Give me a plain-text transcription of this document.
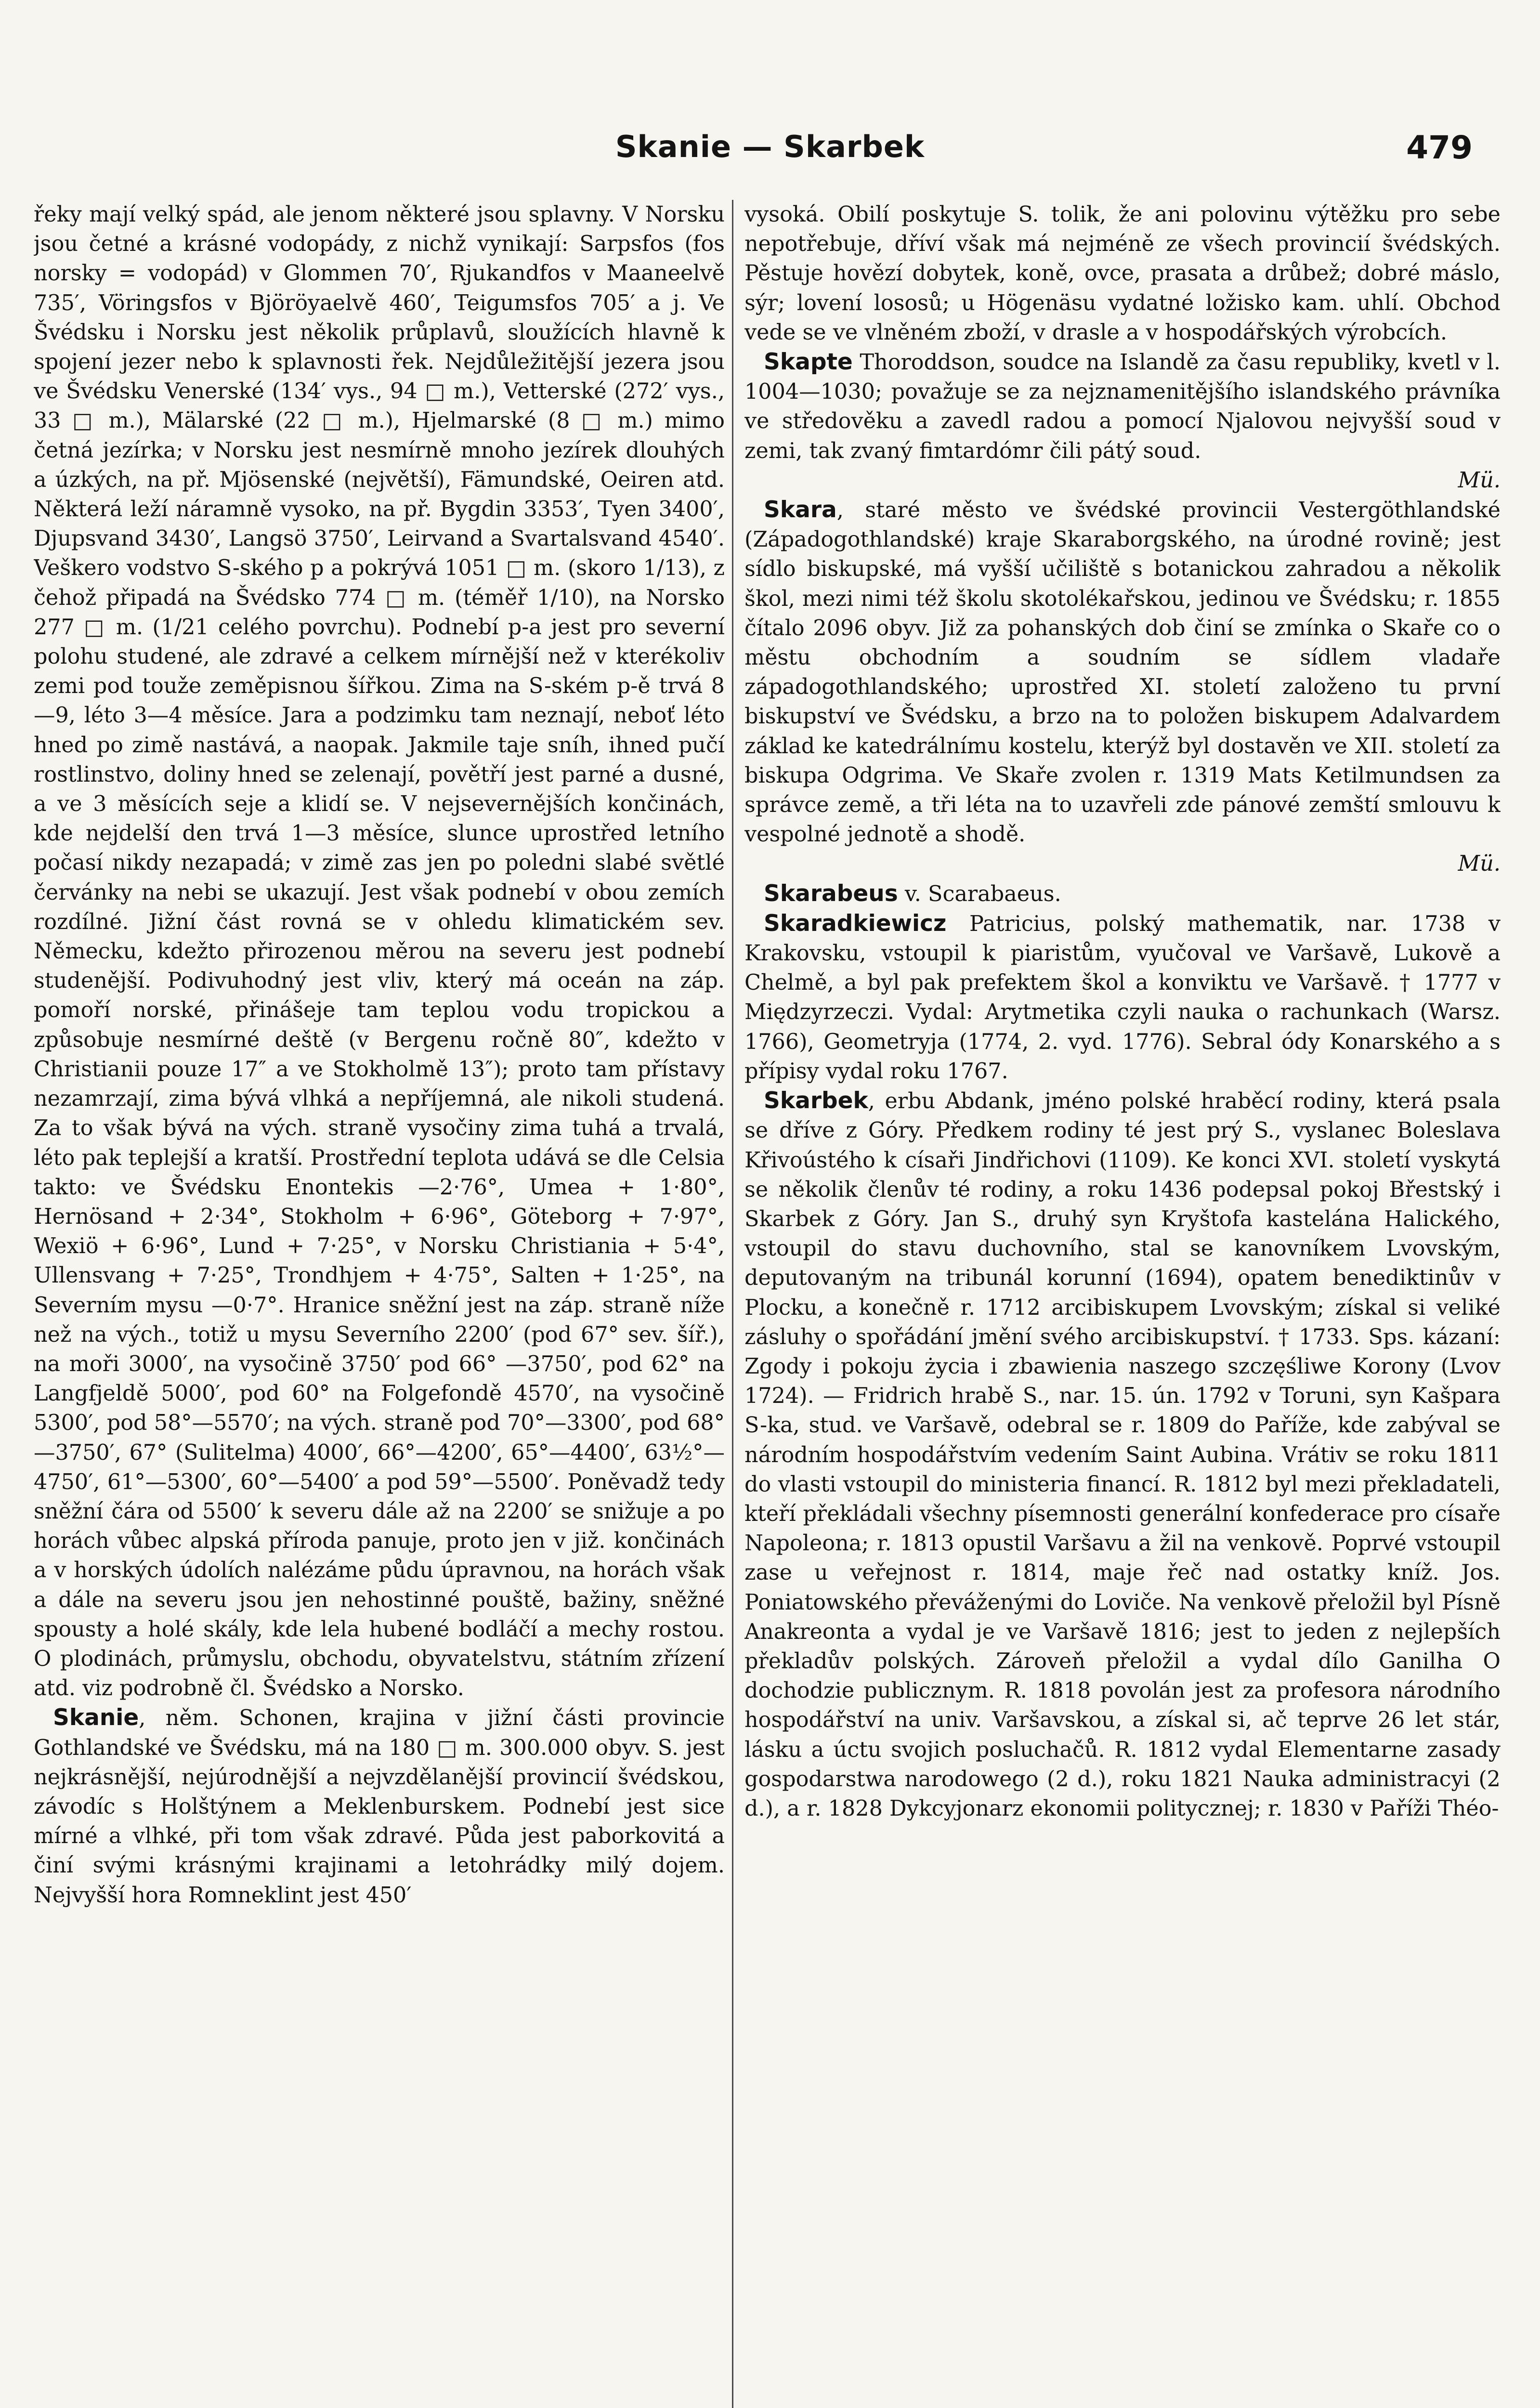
Skanie — Skarbek	479

řeky mají velký spád, ale jenom některé jsou splavny. V Norsku jsou četné a krásné vodopády, z nichž vynikají: Sarpsfos (fos norsky = vodopád) v Glommen 70′, Rjukandfos v Maaneelvě 735′, Vöringsfos v Björöyaelvě 460′, Teigumsfos 705′ a j. Ve Švédsku i Norsku jest několik průplavů, sloužících hlavně k spojení jezer nebo k splavnosti řek. Nejdůležitější jezera jsou ve Švédsku Venerské (134′ vys., 94 □ m.), Vetterské (272′ vys., 33 □ m.), Mälarské (22 □ m.), Hjelmarské (8 □ m.) mimo četná jezírka; v Norsku jest nesmírně mnoho jezírek dlouhých a úzkých, na př. Mjösenské (největší), Fämundské, Oeiren atd. Některá leží náramně vysoko, na př. Bygdin 3353′, Tyen 3400′, Djupsvand 3430′, Langsö 3750′, Leirvand a Svartalsvand 4540′. Veškero vodstvo S-ského p a pokrývá 1051 □ m. (skoro 1/13), z čehož připadá na Švédsko 774 □ m. (téměř 1/10), na Norsko 277 □ m. (1/21 celého povrchu). Podnebí p-a jest pro severní polohu studené, ale zdravé a celkem mírnější než v kterékoliv zemi pod touže zeměpisnou šířkou. Zima na S-ském p-ě trvá 8—9, léto 3—4 měsíce. Jara a podzimku tam neznají, neboť léto hned po zimě nastává, a naopak. Jakmile taje sníh, ihned pučí rostlinstvo, doliny hned se zelenají, povětří jest parné a dusné, a ve 3 měsících seje a klidí se. V nejsevernějších končinách, kde nejdelší den trvá 1—3 měsíce, slunce uprostřed letního počasí nikdy nezapadá; v zimě zas jen po poledni slabé světlé červánky na nebi se ukazují. Jest však podnebí v obou zemích rozdílné. Jižní část rovná se v ohledu klimatickém sev. Německu, kdežto přirozenou měrou na severu jest podnebí studenější. Podivuhodný jest vliv, který má oceán na záp. pomoří norské, přinášeje tam teplou vodu tropickou a způsobuje nesmírné deště (v Bergenu ročně 80″, kdežto v Christianii pouze 17″ a ve Stokholmě 13″); proto tam přístavy nezamrzají, zima bývá vlhká a nepříjemná, ale nikoli studená. Za to však bývá na vých. straně vysočiny zima tuhá a trvalá, léto pak teplejší a kratší. Prostřední teplota udává se dle Celsia takto: ve Švédsku Enontekis —2·76°, Umea + 1·80°, Hernösand + 2·34°, Stokholm + 6·96°, Göteborg + 7·97°, Wexiö + 6·96°, Lund + 7·25°, v Norsku Christiania + 5·4°, Ullensvang + 7·25°, Trondhjem + 4·75°, Salten + 1·25°, na Severním mysu —0·7°. Hranice sněžní jest na záp. straně níže než na vých., totiž u mysu Severního 2200′ (pod 67° sev. šíř.), na moři 3000′, na vysočině 3750′ pod 66° —3750′, pod 62° na Langfjeldě 5000′, pod 60° na Folgefondě 4570′, na vysočině 5300′, pod 58°—5570′; na vých. straně pod 70°—3300′, pod 68°—3750′, 67° (Sulitelma) 4000′, 66°—4200′, 65°—4400′, 63½°—4750′, 61°—5300′, 60°—5400′ a pod 59°—5500′. Poněvadž tedy sněžní čára od 5500′ k severu dále až na 2200′ se snižuje a po horách vůbec alpská příroda panuje, proto jen v již. končinách a v horských údolích nalézáme půdu úpravnou, na horách však a dále na severu jsou jen nehostinné pouště, bažiny, sněžné spousty a holé skály, kde lela hubené bodláčí a mechy rostou. O plodinách, průmyslu, obchodu, obyvatelstvu, státním zřízení atd. viz podrobně čl. Švédsko a Norsko.

Skanie, něm. Schonen, krajina v jižní části provincie Gothlandské ve Švédsku, má na 180 □ m. 300.000 obyv. S. jest nejkrásnější, nejúrodnější a nejvzdělanější provincií švédskou, závodíc s Holštýnem a Meklenburskem. Podnebí jest sice mírné a vlhké, při tom však zdravé. Půda jest paborkovitá a činí svými krásnými krajinami a letohrádky milý dojem. Nejvyšší hora Romneklint jest 450′

vysoká. Obilí poskytuje S. tolik, že ani polovinu výtěžku pro sebe nepotřebuje, dříví však má nejméně ze všech provincií švédských. Pěstuje hovězí dobytek, koně, ovce, prasata a drůbež; dobré máslo, sýr; lovení lososů; u Högenäsu vydatné ložisko kam. uhlí. Obchod vede se ve vlněném zboží, v drasle a v hospodářských výrobcích.

Skapte Thoroddson, soudce na Islandě za času republiky, kvetl v l. 1004—1030; považuje se za nejznamenitějšího islandského právníka ve středověku a zavedl radou a pomocí Njalovou nejvyšší soud v zemi, tak zvaný fimtardómr čili pátý soud.
Mü.

Skara, staré město ve švédské provincii Vestergöthlandské (Západogothlandské) kraje Skaraborgského, na úrodné rovině; jest sídlo biskupské, má vyšší učiliště s botanickou zahradou a několik škol, mezi nimi též školu skotolékařskou, jedinou ve Švédsku; r. 1855 čítalo 2096 obyv. Již za pohanských dob činí se zmínka o Skaře co o městu obchodním a soudním se sídlem vladaře západogothlandského; uprostřed XI. století založeno tu první biskupství ve Švédsku, a brzo na to položen biskupem Adalvardem základ ke katedrálnímu kostelu, kterýž byl dostavěn ve XII. století za biskupa Odgrima. Ve Skaře zvolen r. 1319 Mats Ketilmundsen za správce země, a tři léta na to uzavřeli zde pánové zemští smlouvu k vespolné jednotě a shodě.
Mü.

Skarabeus v. Scarabaeus.

Skaradkiewicz Patricius, polský mathematik, nar. 1738 v Krakovsku, vstoupil k piaristům, vyučoval ve Varšavě, Lukově a Chelmě, a byl pak prefektem škol a konviktu ve Varšavě. † 1777 v Międzyrzeczi. Vydal: Arytmetika czyli nauka o rachunkach (Warsz. 1766), Geometryja (1774, 2. vyd. 1776). Sebral ódy Konarského a s přípisy vydal roku 1767.

Skarbek, erbu Abdank, jméno polské hraběcí rodiny, která psala se dříve z Góry. Předkem rodiny té jest prý S., vyslanec Boleslava Křivoústého k císaři Jindřichovi (1109). Ke konci XVI. století vyskytá se několik členův té rodiny, a roku 1436 podepsal pokoj Břestský i Skarbek z Góry. Jan S., druhý syn Kryštofa kastelána Halického, vstoupil do stavu duchovního, stal se kanovníkem Lvovským, deputovaným na tribunál korunní (1694), opatem benediktinův v Plocku, a konečně r. 1712 arcibiskupem Lvovským; získal si veliké zásluhy o spořádání jmění svého arcibiskupství. † 1733. Sps. kázaní: Zgody i pokoju życia i zbawienia naszego szczęśliwe Korony (Lvov 1724). — Fridrich hrabě S., nar. 15. ún. 1792 v Toruni, syn Kašpara S-ka, stud. ve Varšavě, odebral se r. 1809 do Paříže, kde zabýval se národním hospodářstvím vedením Saint Aubina. Vrátiv se roku 1811 do vlasti vstoupil do ministeria financí. R. 1812 byl mezi překladateli, kteří překládali všechny písemnosti generální konfederace pro císaře Napoleona; r. 1813 opustil Varšavu a žil na venkově. Poprvé vstoupil zase u veřejnost r. 1814, maje řeč nad ostatky kníž. Jos. Poniatowského převáženými do Loviče. Na venkově přeložil byl Písně Anakreonta a vydal je ve Varšavě 1816; jest to jeden z nejlepších překladův polských. Zároveň přeložil a vydal dílo Ganilha O dochodzie publicznym. R. 1818 povolán jest za profesora národního hospodářství na univ. Varšavskou, a získal si, ač teprve 26 let stár, lásku a úctu svojich posluchačů. R. 1812 vydal Elementarne zasady gospodarstwa narodowego (2 d.), roku 1821 Nauka administracyi (2 d.), a r. 1828 Dykcyjonarz ekonomii politycznej; r. 1830 v Paříži Théo-
